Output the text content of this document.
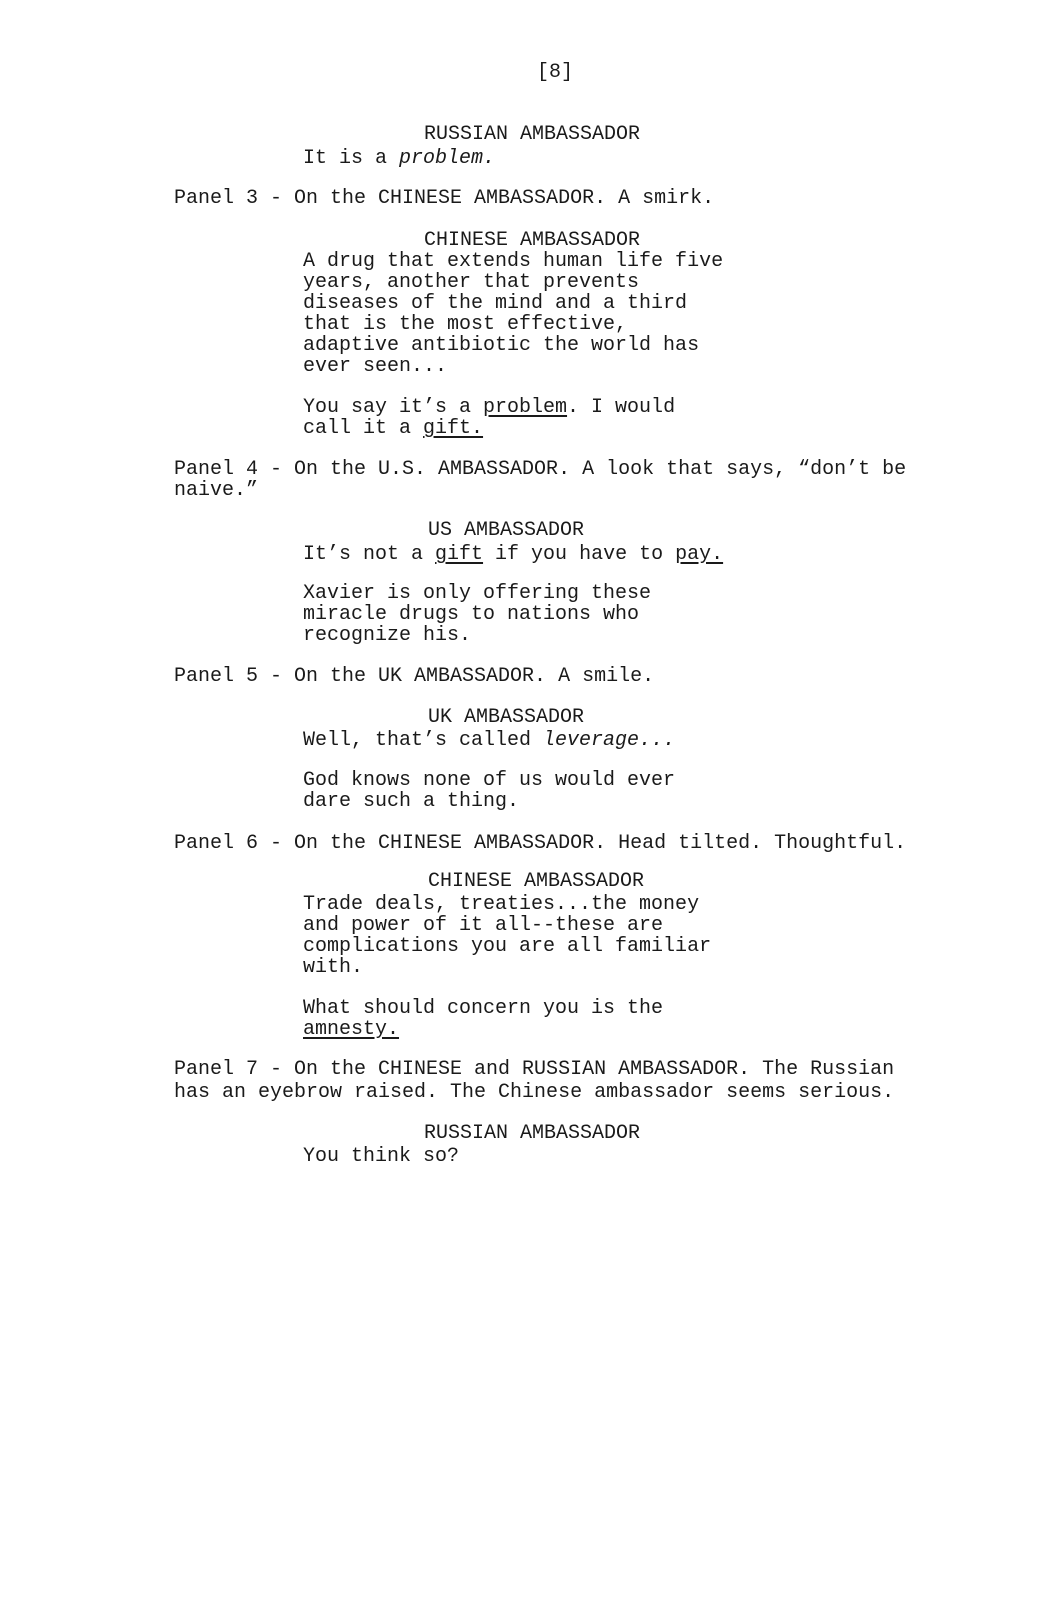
[8]
RUSSIAN AMBASSADOR
It is a problem.
Panel 3 - On the CHINESE AMBASSADOR. A smirk.
CHINESE AMBASSADOR
A drug that extends human life five
years, another that prevents
diseases of the mind and a third
that is the most effective,
adaptive antibiotic the world has
ever seen...
You say it’s a problem. I would
call it a gift.
Panel 4 - On the U.S. AMBASSADOR. A look that says, “don’t be
naive.”
US AMBASSADOR
It’s not a gift if you have to pay.
Xavier is only offering these
miracle drugs to nations who
recognize his.
Panel 5 - On the UK AMBASSADOR. A smile.
UK AMBASSADOR
Well, that’s called leverage...
God knows none of us would ever
dare such a thing.
Panel 6 - On the CHINESE AMBASSADOR. Head tilted. Thoughtful.
CHINESE AMBASSADOR
Trade deals, treaties...the money
and power of it all--these are
complications you are all familiar
with.
What should concern you is the
amnesty.
Panel 7 - On the CHINESE and RUSSIAN AMBASSADOR. The Russian
has an eyebrow raised. The Chinese ambassador seems serious.
RUSSIAN AMBASSADOR
You think so?
